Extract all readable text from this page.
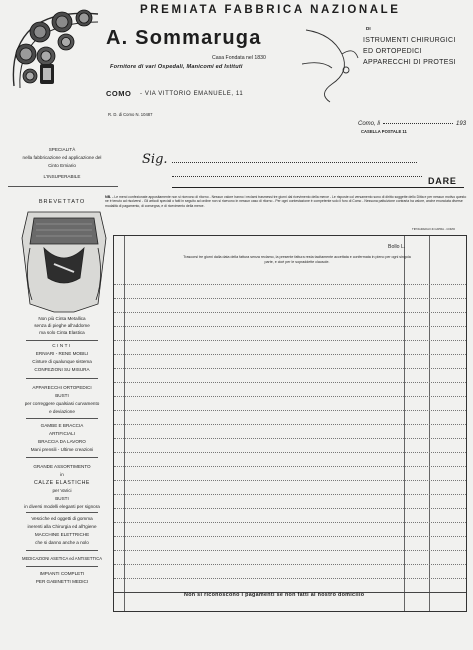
PREMIATA FABBRICA NAZIONALE
A. Sommaruga
Casa Fondata nel 1830
Fornitore di vari Ospedali, Manicomi ed Istituti
COMO - VIA VITTORIO EMANUELE, 11
R. D. di Como N. 10487
DI
ISTRUMENTI CHIRURGICI
ED ORTOPEDICI
APPARECCHI DI PROTESI
Como, li	193
CASELLA POSTALE 11
Sig.
DARE
NB. - Le merci confezionate appositamente non si ricevono di ritorno - Nessun valore hanno i reclami trasmessi tre giorni dal ricevimento della merce - Le risposte col versamento sono di diritto soggette dello Ditta e per nessun motivo questo ne è tenuto ad risolversi - Gli articoli speciali o fatti in seguito ad ordine non si ricevono in nessun caso di ritorno - Per ogni contestazione è competente solo il foro di Como - Nessuna pattuizione contraria ha valore, anche enunciata diverse modalità di pagamento, di consegna, e di ricevimento della merce.
TIPOGRAFIA F.lli CAPRA - COMO
SPECIALITÀ
nella fabbricazione ed applicazione del
Cinto Erniario
L'INSUPERABILE
BREVETTATO
Non più Cinta Metallica
senza di pieghe all'addome
ma solo Cinta Elastica
CINTI
ERNIARI - RENE MOBILI
Cinture di qualunque sistema
CONFEZIONI SU MISURA
APPARECCHI ORTOPEDICI
BUSTI
per correggere qualsiasi curvamento
e deviazione
GAMBE E BRACCIA
ARTIFICIALI
BRACCIA DA LAVORO
Mani prensili - Ultime creazioni
GRANDE ASSORTIMENTO
in
CALZE ELASTICHE
per Varici
BUSTI
in diversi modelli eleganti per signora
Vesciche ed oggetti di gomma
inerenti alla Chirurgia ed all'Igiene
MACCHINE ELETTRICHE
che si danno anche a nolo
MEDICAZIONI ASETICA ed ANTISETTICA
IMPIANTI COMPLETI
PER GABINETTI MEDICI
Bollo L.
Trascorsi tre giorni dalla data della fattura senza reclamo, la presente fattura resta tacitamente accettata e confermata in pieno per ogni singola parte, e cioè per le sopraddette clausole.
Non si riconoscono i pagamenti se non fatti al nostro domicilio
